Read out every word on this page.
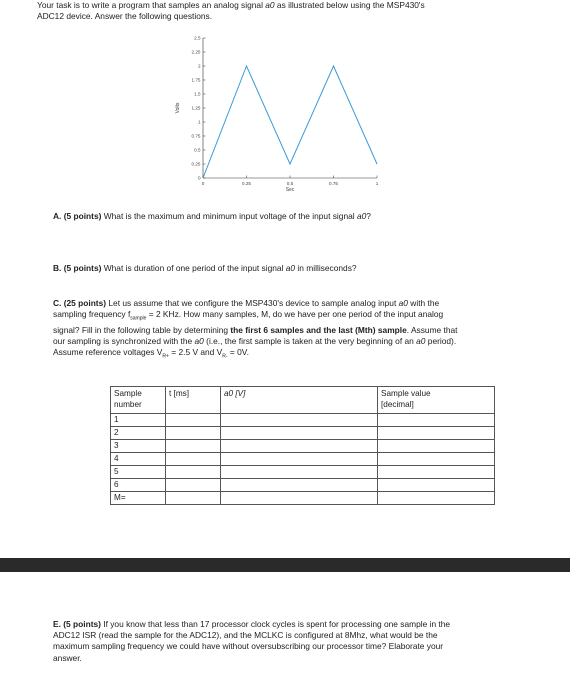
Your task is to write a program that samples an analog signal a0 as illustrated below using the MSP430's
ADC12 device. Answer the following questions.
0
0.25
0.5
0.75
1
1.25
1.5
1.75
2
2.25
2.5
0	0.25	0.5	0.75	1
Volts
Sec
A. (5 points) What is the maximum and minimum input voltage of the input signal a0?
B. (5 points) What is duration of one period of the input signal a0 in milliseconds?
C. (25 points) Let us assume that we configure the MSP430's device to sample analog input a0 with the
sampling frequency $f_{sample} = 2$ KHz. How many samples, M, do we have per one period of the input analog
signal? Fill in the following table by determining the first 6 samples and the last (Mth) sample. Assume that
our sampling is synchronized with the a0 (i.e., the first sample is taken at the very beginning of an a0 period).
Assume reference voltages $V_{R+} = 2.5$ V and $V_{R-} = 0V$.
Sample
number	t [ms]	a0 [V]	Sample value
[decimal]
1			
2			
3			
4			
5			
6			
M=			
E. (5 points) If you know that less than 17 processor clock cycles is spent for processing one sample in the
ADC12 ISR (read the sample for the ADC12), and the MCLKC is configured at 8Mhz, what would be the
maximum sampling frequency we could have without oversubscribing our processor time? Elaborate your
answer.
